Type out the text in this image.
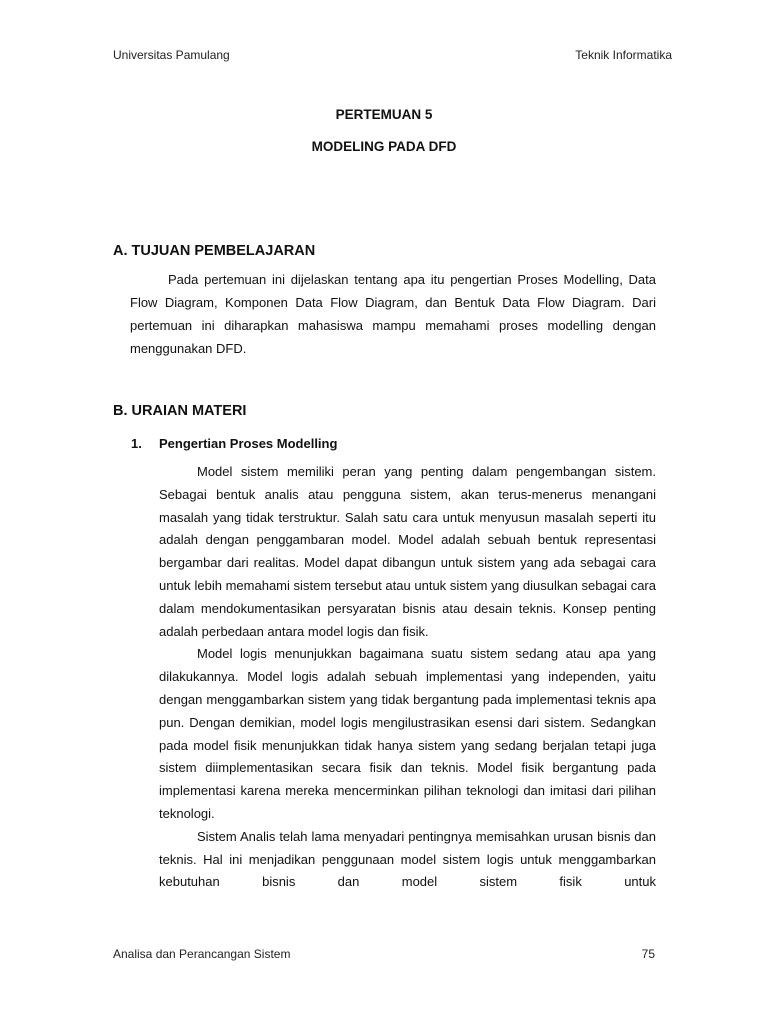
Universitas Pamulang	Teknik Informatika
PERTEMUAN 5
MODELING PADA DFD
A. TUJUAN PEMBELAJARAN

Pada pertemuan ini dijelaskan tentang apa itu pengertian Proses Modelling, Data Flow Diagram, Komponen Data Flow Diagram, dan Bentuk Data Flow Diagram. Dari pertemuan ini diharapkan mahasiswa mampu memahami proses modelling dengan menggunakan DFD.

B. URAIAN MATERI
1. Pengertian Proses Modelling

Model sistem memiliki peran yang penting dalam pengembangan sistem. Sebagai bentuk analis atau pengguna sistem, akan terus-menerus menangani masalah yang tidak terstruktur. Salah satu cara untuk menyusun masalah seperti itu adalah dengan penggambaran model. Model adalah sebuah bentuk representasi bergambar dari realitas. Model dapat dibangun untuk sistem yang ada sebagai cara untuk lebih memahami sistem tersebut atau untuk sistem yang diusulkan sebagai cara dalam mendokumentasikan persyaratan bisnis atau desain teknis. Konsep penting adalah perbedaan antara model logis dan fisik.

Model logis menunjukkan bagaimana suatu sistem sedang atau apa yang dilakukannya. Model logis adalah sebuah implementasi yang independen, yaitu dengan menggambarkan sistem yang tidak bergantung pada implementasi teknis apa pun. Dengan demikian, model logis mengilustrasikan esensi dari sistem. Sedangkan pada model fisik menunjukkan tidak hanya sistem yang sedang berjalan tetapi juga sistem diimplementasikan secara fisik dan teknis. Model fisik bergantung pada implementasi karena mereka mencerminkan pilihan teknologi dan imitasi dari pilihan teknologi.

Sistem Analis telah lama menyadari pentingnya memisahkan urusan bisnis dan teknis. Hal ini menjadikan penggunaan model sistem logis untuk menggambarkan kebutuhan bisnis dan model sistem fisik untuk

Analisa dan Perancangan Sistem	75
